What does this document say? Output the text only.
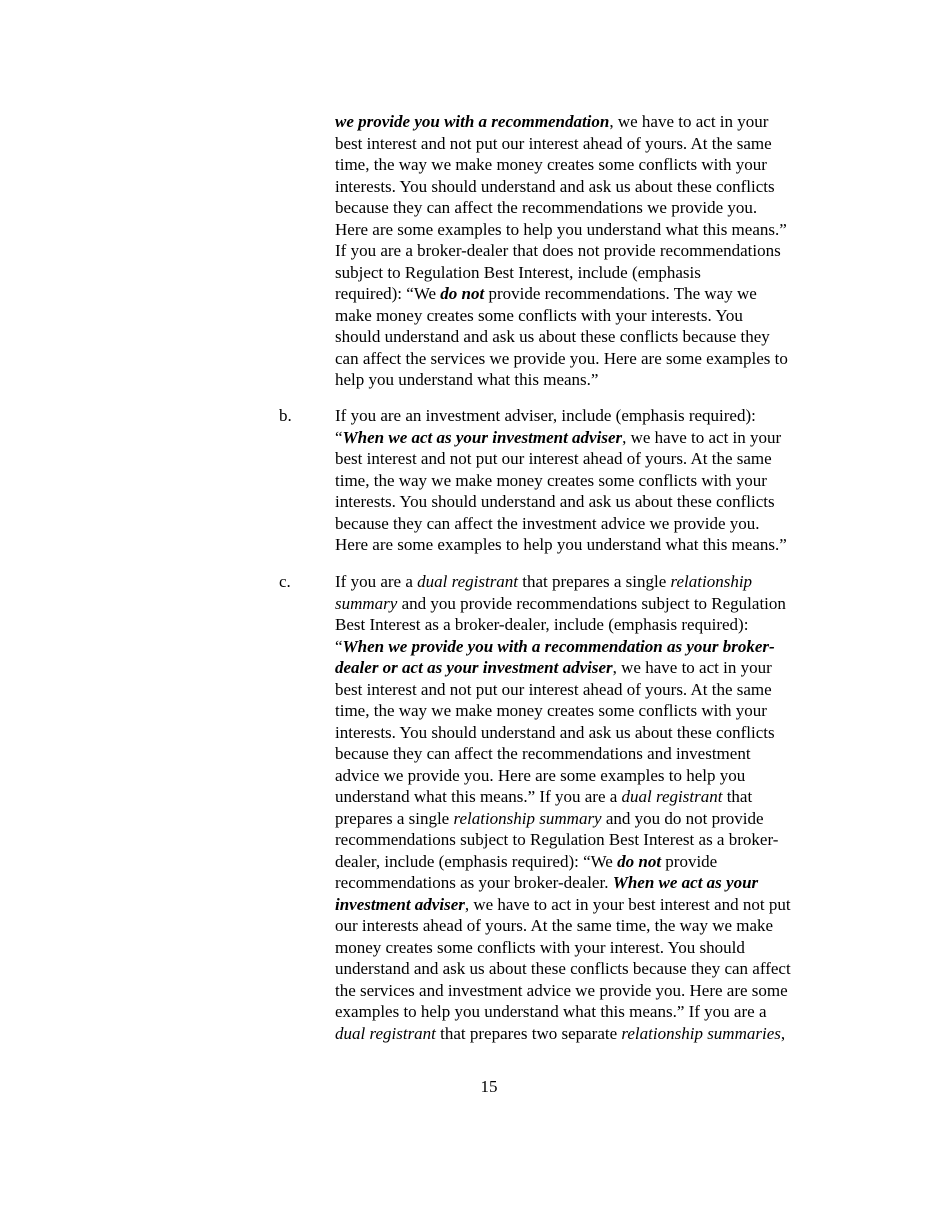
we provide you with a recommendation, we have to act in your
best interest and not put our interest ahead of yours. At the same
time, the way we make money creates some conflicts with your
interests. You should understand and ask us about these conflicts
because they can affect the recommendations we provide you.
Here are some examples to help you understand what this means.”
If you are a broker-dealer that does not provide recommendations
subject to Regulation Best Interest, include (emphasis
required): “We do not provide recommendations. The way we
make money creates some conflicts with your interests. You
should understand and ask us about these conflicts because they
can affect the services we provide you. Here are some examples to
help you understand what this means.”
b.	If you are an investment adviser, include (emphasis required):
“When we act as your investment adviser, we have to act in your
best interest and not put our interest ahead of yours. At the same
time, the way we make money creates some conflicts with your
interests. You should understand and ask us about these conflicts
because they can affect the investment advice we provide you.
Here are some examples to help you understand what this means.”
c.	If you are a dual registrant that prepares a single relationship
summary and you provide recommendations subject to Regulation
Best Interest as a broker-dealer, include (emphasis required):
“When we provide you with a recommendation as your broker-
dealer or act as your investment adviser, we have to act in your
best interest and not put our interest ahead of yours. At the same
time, the way we make money creates some conflicts with your
interests. You should understand and ask us about these conflicts
because they can affect the recommendations and investment
advice we provide you. Here are some examples to help you
understand what this means.” If you are a dual registrant that
prepares a single relationship summary and you do not provide
recommendations subject to Regulation Best Interest as a broker-
dealer, include (emphasis required): “We do not provide
recommendations as your broker-dealer. When we act as your
investment adviser, we have to act in your best interest and not put
our interests ahead of yours. At the same time, the way we make
money creates some conflicts with your interest. You should
understand and ask us about these conflicts because they can affect
the services and investment advice we provide you. Here are some
examples to help you understand what this means.” If you are a
dual registrant that prepares two separate relationship summaries,
15
